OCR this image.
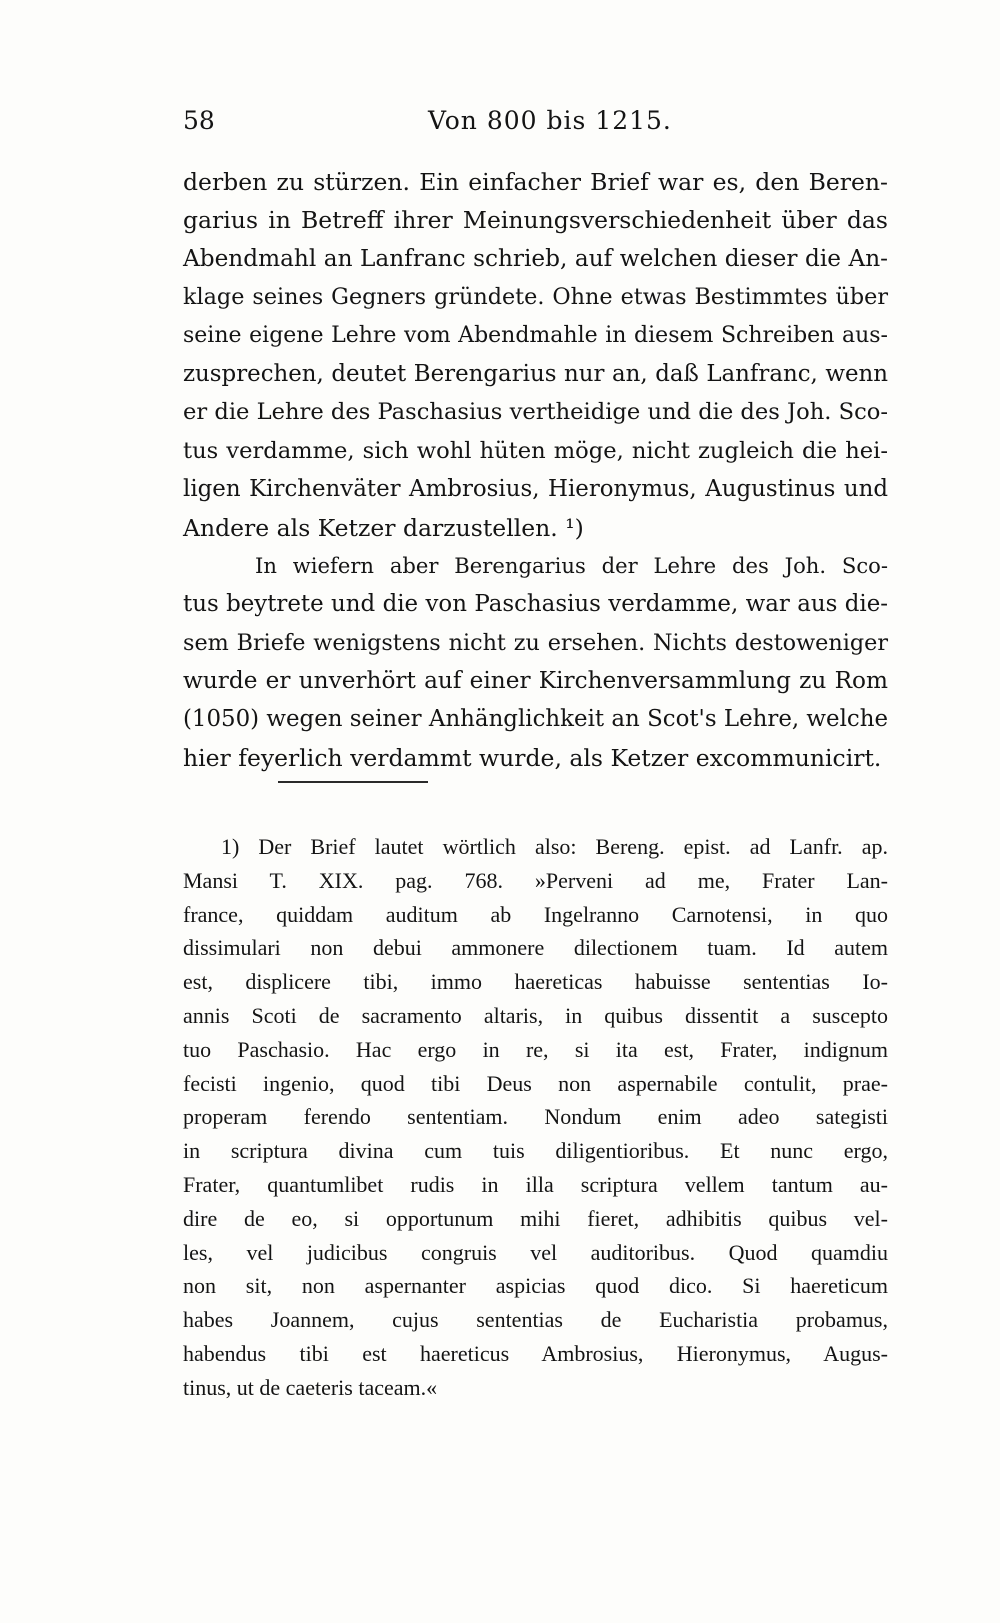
58	Von 800 bis 1215.
derben zu stürzen. Ein einfacher Brief war es, den Beren-
garius in Betreff ihrer Meinungsverschiedenheit über das
Abendmahl an Lanfranc schrieb, auf welchen dieser die An-
klage seines Gegners gründete. Ohne etwas Bestimmtes über
seine eigene Lehre vom Abendmahle in diesem Schreiben aus-
zusprechen, deutet Berengarius nur an, daß Lanfranc, wenn
er die Lehre des Paschasius vertheidige und die des Joh. Sco-
tus verdamme, sich wohl hüten möge, nicht zugleich die hei-
ligen Kirchenväter Ambrosius, Hieronymus, Augustinus und
Andere als Ketzer darzustellen. ¹)
In wiefern aber Berengarius der Lehre des Joh. Sco-
tus beytrete und die von Paschasius verdamme, war aus die-
sem Briefe wenigstens nicht zu ersehen. Nichts destoweniger
wurde er unverhört auf einer Kirchenversammlung zu Rom
(1050) wegen seiner Anhänglichkeit an Scot's Lehre, welche
hier feyerlich verdammt wurde, als Ketzer excommunicirt.
1) Der Brief lautet wörtlich also: Bereng. epist. ad Lanfr. ap.
Mansi T. XIX. pag. 768. »Perveni ad me, Frater Lan-
france, quiddam auditum ab Ingelranno Carnotensi, in quo
dissimulari non debui ammonere dilectionem tuam. Id autem
est, displicere tibi, immo haereticas habuisse sententias Io-
annis Scoti de sacramento altaris, in quibus dissentit a suscepto
tuo Paschasio. Hac ergo in re, si ita est, Frater, indignum
fecisti ingenio, quod tibi Deus non aspernabile contulit, prae-
properam ferendo sententiam. Nondum enim adeo sategisti
in scriptura divina cum tuis diligentioribus. Et nunc ergo,
Frater, quantumlibet rudis in illa scriptura vellem tantum au-
dire de eo, si opportunum mihi fieret, adhibitis quibus vel-
les, vel judicibus congruis vel auditoribus. Quod quamdiu
non sit, non aspernanter aspicias quod dico. Si haereticum
habes Joannem, cujus sententias de Eucharistia probamus,
habendus tibi est haereticus Ambrosius, Hieronymus, Augus-
tinus, ut de caeteris taceam.«
